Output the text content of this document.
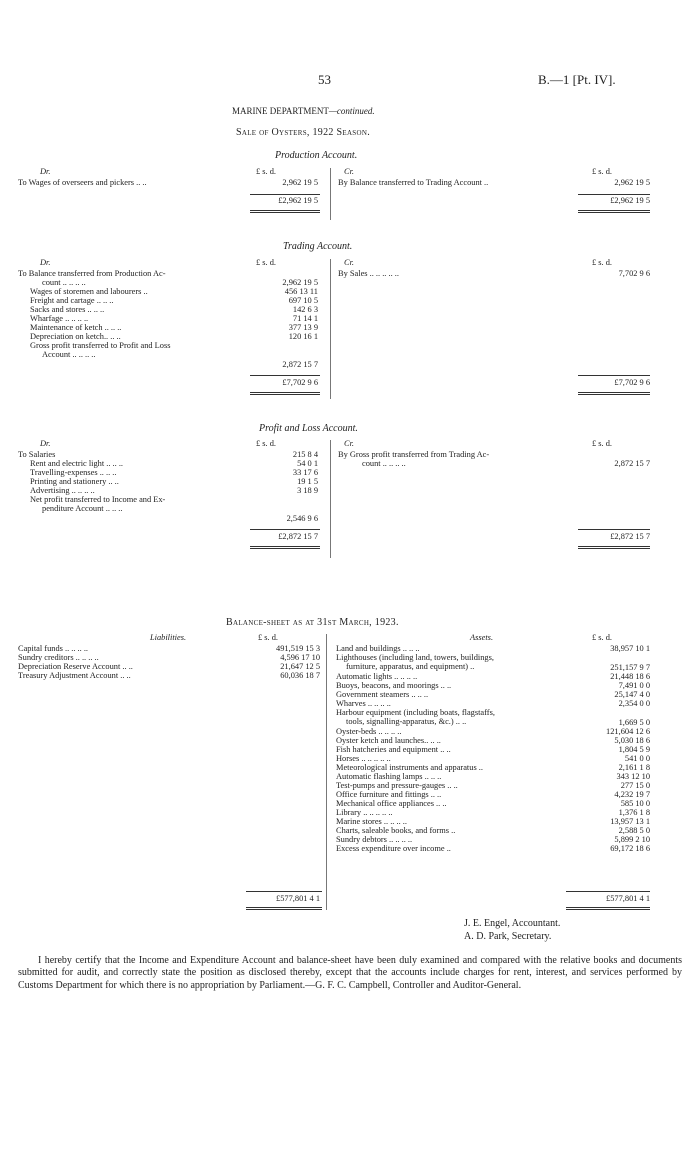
53	B.—1 [Pt. IV].
MARINE DEPARTMENT—continued.
Sale of Oysters, 1922 Season.
Production Account.
Dr.	£ s. d.	Cr.	£ s. d.
To Wages of overseers and pickers .. ..	2,962 19 5
£2,962 19 5
By Balance transferred to Trading Account ..	2,962 19 5
£2,962 19 5
Trading Account.
Dr.	£ s. d.	Cr.	£ s. d.
To Balance transferred from Production Ac-
count .. .. .. ..	2,962 19 5
Wages of storemen and labourers ..	456 13 11
Freight and cartage .. .. ..	697 10 5
Sacks and stores .. .. ..	142 6 3
Wharfage .. .. .. ..	71 14 1
Maintenance of ketch .. .. ..	377 13 9
Depreciation on ketch.. .. ..	120 16 1
Gross profit transferred to Profit and Loss
Account .. .. .. ..
2,872 15 7
£7,702 9 6
By Sales .. .. .. .. ..	7,702 9 6
£7,702 9 6
Profit and Loss Account.
Dr.	£ s. d.	Cr.	£ s. d.
To Salaries	215 8 4
Rent and electric light .. .. ..	54 0 1
Travelling-expenses .. .. ..	33 17 6
Printing and stationery .. ..	19 1 5
Advertising .. .. .. ..	3 18 9
Net profit transferred to Income and Ex-
penditure Account .. .. ..
2,546 9 6
£2,872 15 7
By Gross profit transferred from Trading Ac-
count .. .. .. ..	2,872 15 7
£2,872 15 7
Balance-sheet as at 31st March, 1923.
Liabilities.	£ s. d.	Assets.	£ s. d.
Capital funds .. .. .. ..	491,519 15 3
Sundry creditors .. .. .. ..	4,596 17 10
Depreciation Reserve Account .. ..	21,647 12 5
Treasury Adjustment Account .. ..	60,036 18 7
£577,801 4 1
Land and buildings .. .. ..	38,957 10 1
Lighthouses (including land, towers, buildings,
furniture, apparatus, and equipment) ..	251,157 9 7
Automatic lights .. .. .. ..	21,448 18 6
Buoys, beacons, and moorings .. ..	7,491 0 0
Government steamers .. .. ..	25,147 4 0
Wharves .. .. .. ..	2,354 0 0
Harbour equipment (including boats, flagstaffs,
tools, signalling-apparatus, &c.) .. ..	1,669 5 0
Oyster-beds .. .. .. ..	121,604 12 6
Oyster ketch and launches.. .. ..	5,030 18 6
Fish hatcheries and equipment .. ..	1,804 5 9
Horses .. .. .. .. ..	541 0 0
Meteorological instruments and apparatus ..	2,161 1 8
Automatic flashing lamps .. .. ..	343 12 10
Test-pumps and pressure-gauges .. ..	277 15 0
Office furniture and fittings .. ..	4,232 19 7
Mechanical office appliances .. ..	585 10 0
Library .. .. .. .. ..	1,376 1 8
Marine stores .. .. .. ..	13,957 13 1
Charts, saleable books, and forms ..	2,588 5 0
Sundry debtors .. .. .. ..	5,899 2 10
Excess expenditure over income ..	69,172 18 6
£577,801 4 1
J. E. Engel, Accountant.
A. D. Park, Secretary.
I hereby certify that the Income and Expenditure Account and balance-sheet have been duly examined and compared with the relative books and documents submitted for audit, and correctly state the position as disclosed thereby, except that the accounts include charges for rent, interest, and services performed by Customs Department for which there is no appropriation by Parliament.—G. F. C. Campbell, Controller and Auditor-General.
